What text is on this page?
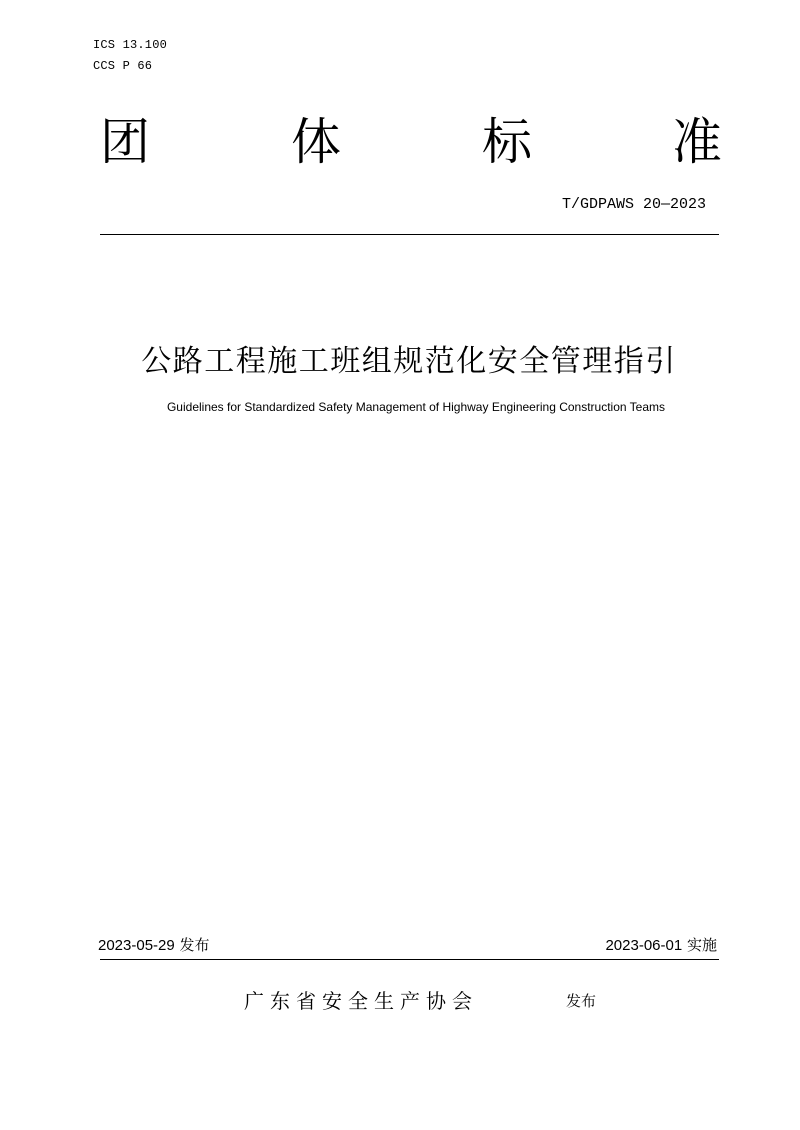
ICS 13.100
CCS P 66
团	体	标	准
T/GDPAWS 20—2023
公路工程施工班组规范化安全管理指引
Guidelines for Standardized Safety Management of Highway Engineering Construction Teams
2023-05-29 发布	2023-06-01 实施
广东省安全生产协会	发布
